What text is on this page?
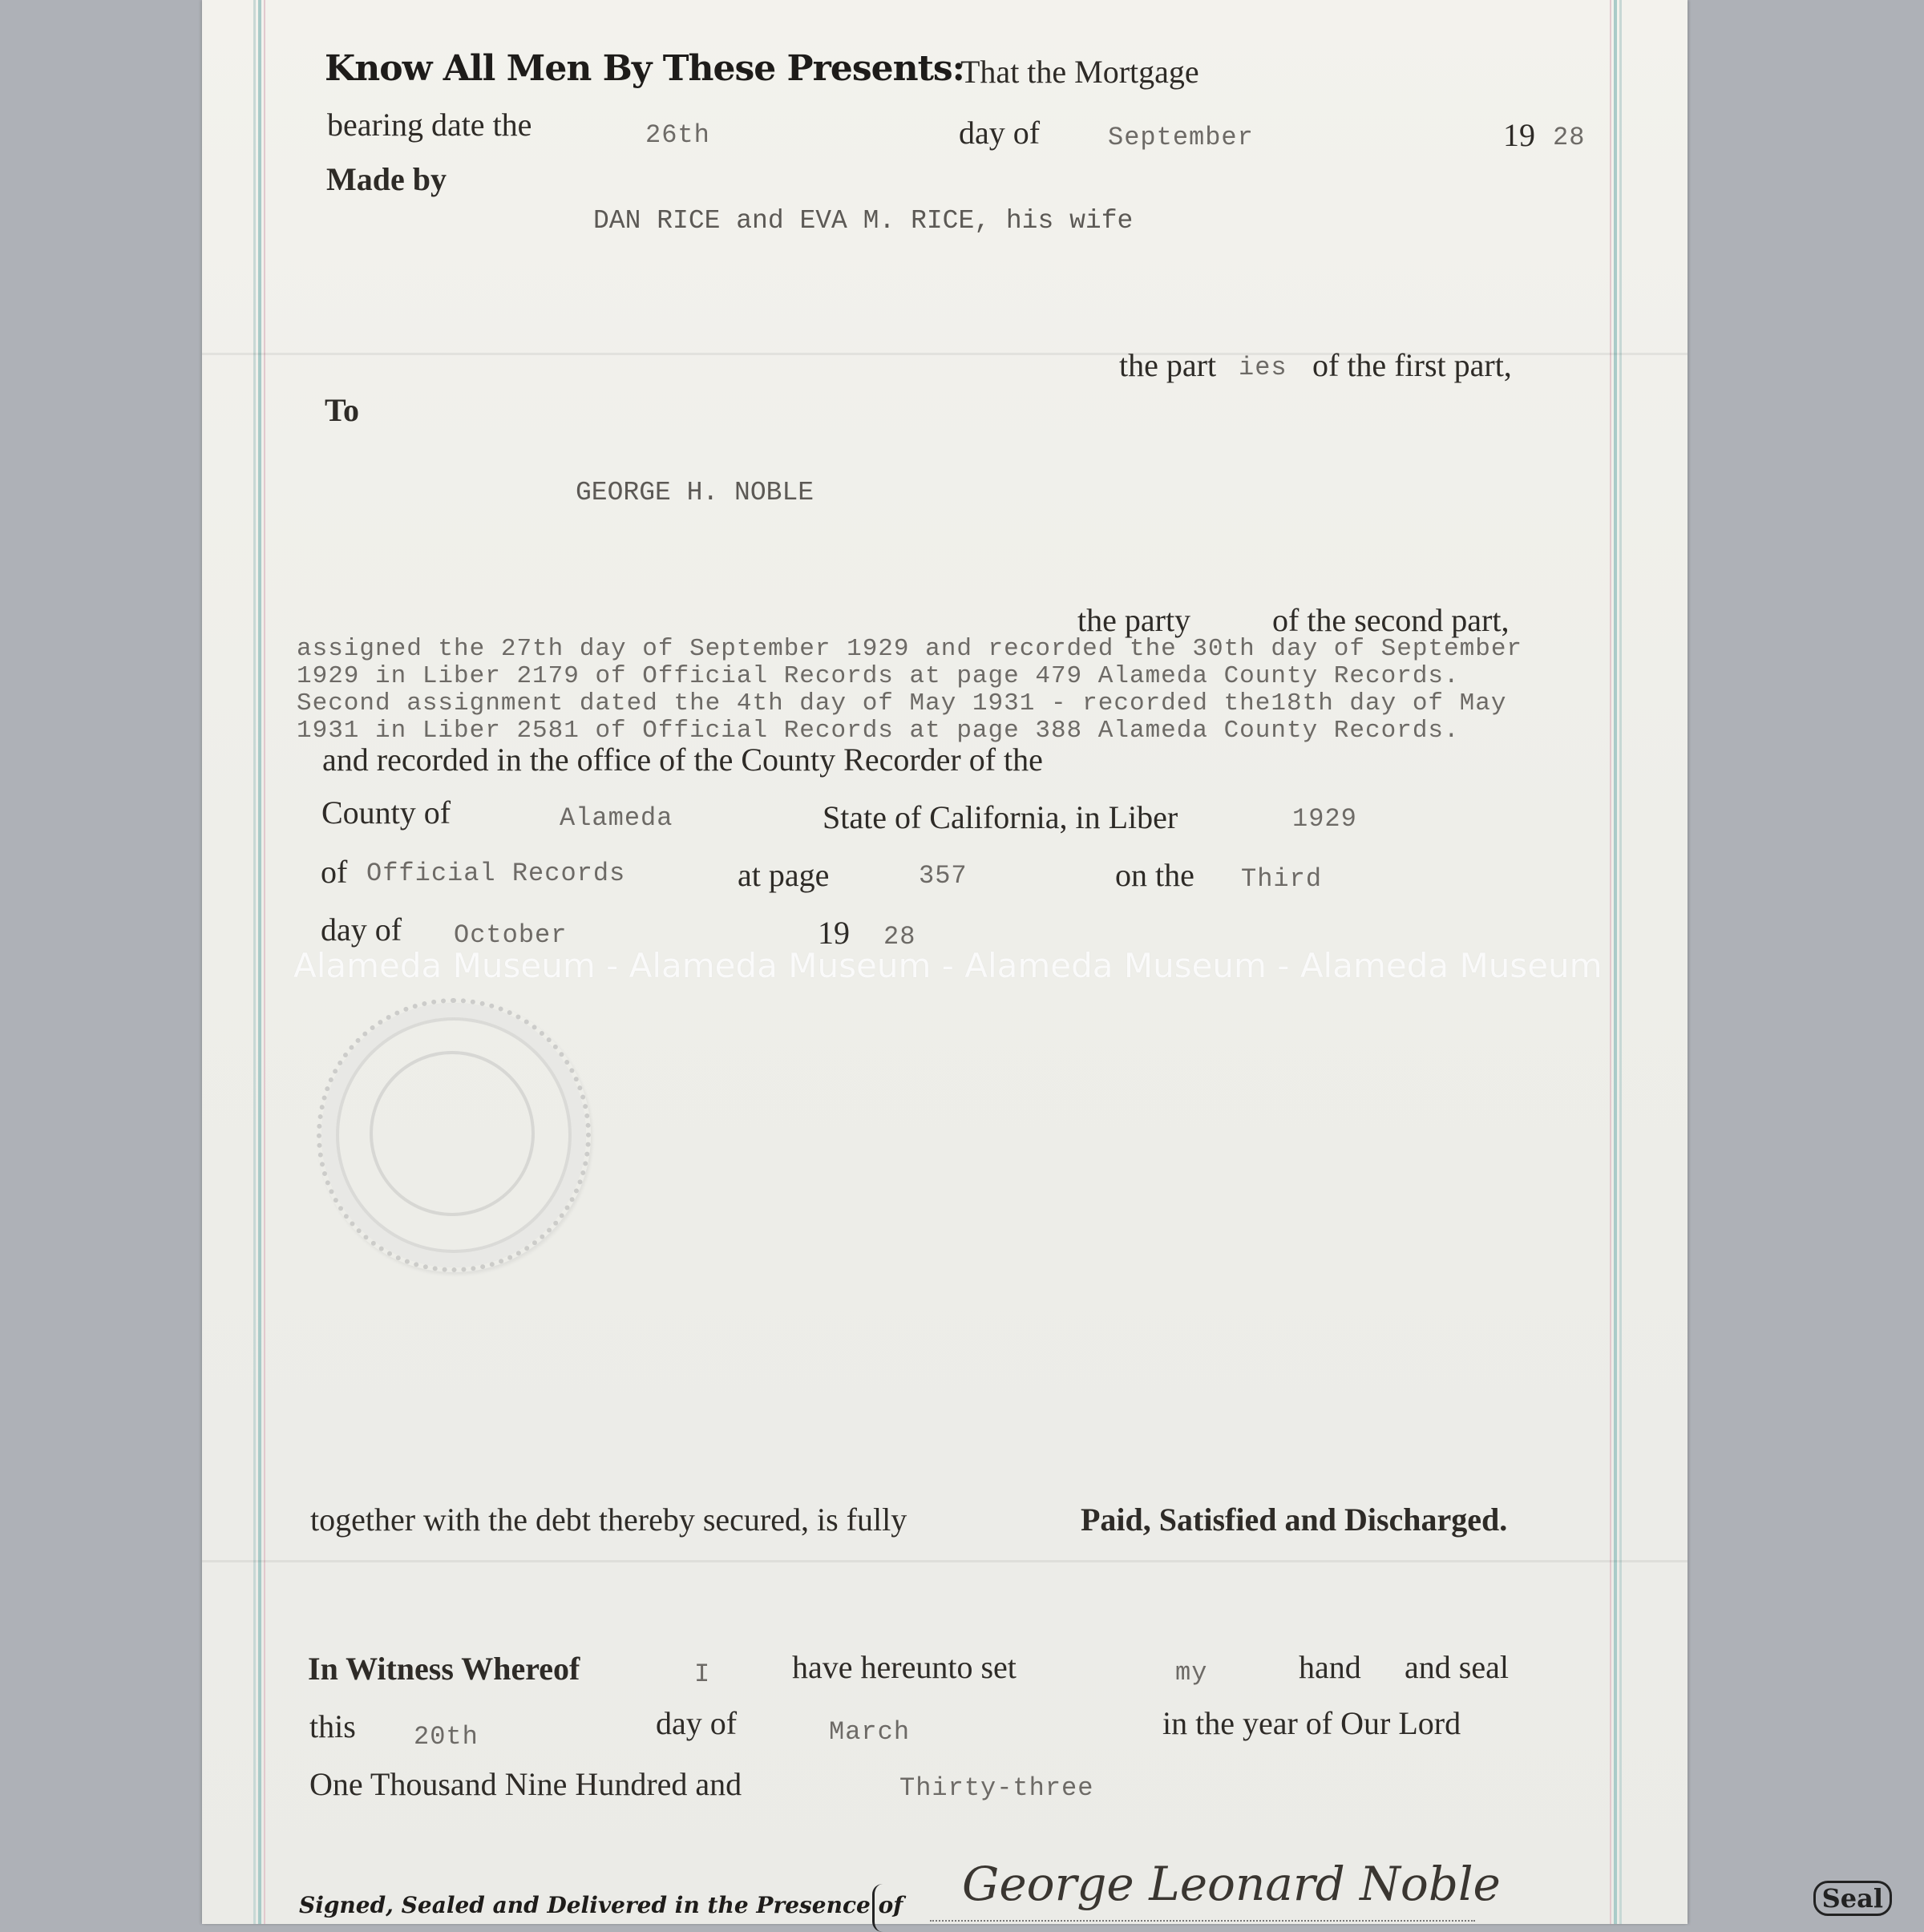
Know All Men By These Presents:
That the Mortgage
bearing date the	26th	day of	September	19 28
Made by
DAN RICE and EVA M. RICE, his wife
the part ies of the first part,
To
GEORGE H. NOBLE
the party	of the second part,
assigned the 27th day of September 1929 and recorded the 30th day of September
1929 in Liber 2179 of Official Records at page 479 Alameda County Records.
Second assignment dated the 4th day of May 1931 - recorded the18th day of May
1931 in Liber 2581 of Official Records at page 388 Alameda County Records.
and recorded in the office of the County Recorder of the
County of	Alameda	State of California, in Liber	1929
of Official Records	at page	357	on the Third
day of October	19 28
Alameda Museum - Alameda Museum - Alameda Museum - Alameda Museum
together with the debt thereby secured, is fully	Paid, Satisfied and Discharged.
In Witness Whereof	I	have hereunto set	my	hand and seal
this 20th	day of	March	in the year of Our Lord
One Thousand Nine Hundred and	Thirty-three
Signed, Sealed and Delivered in the Presence of George Leonard Noble	Seal
